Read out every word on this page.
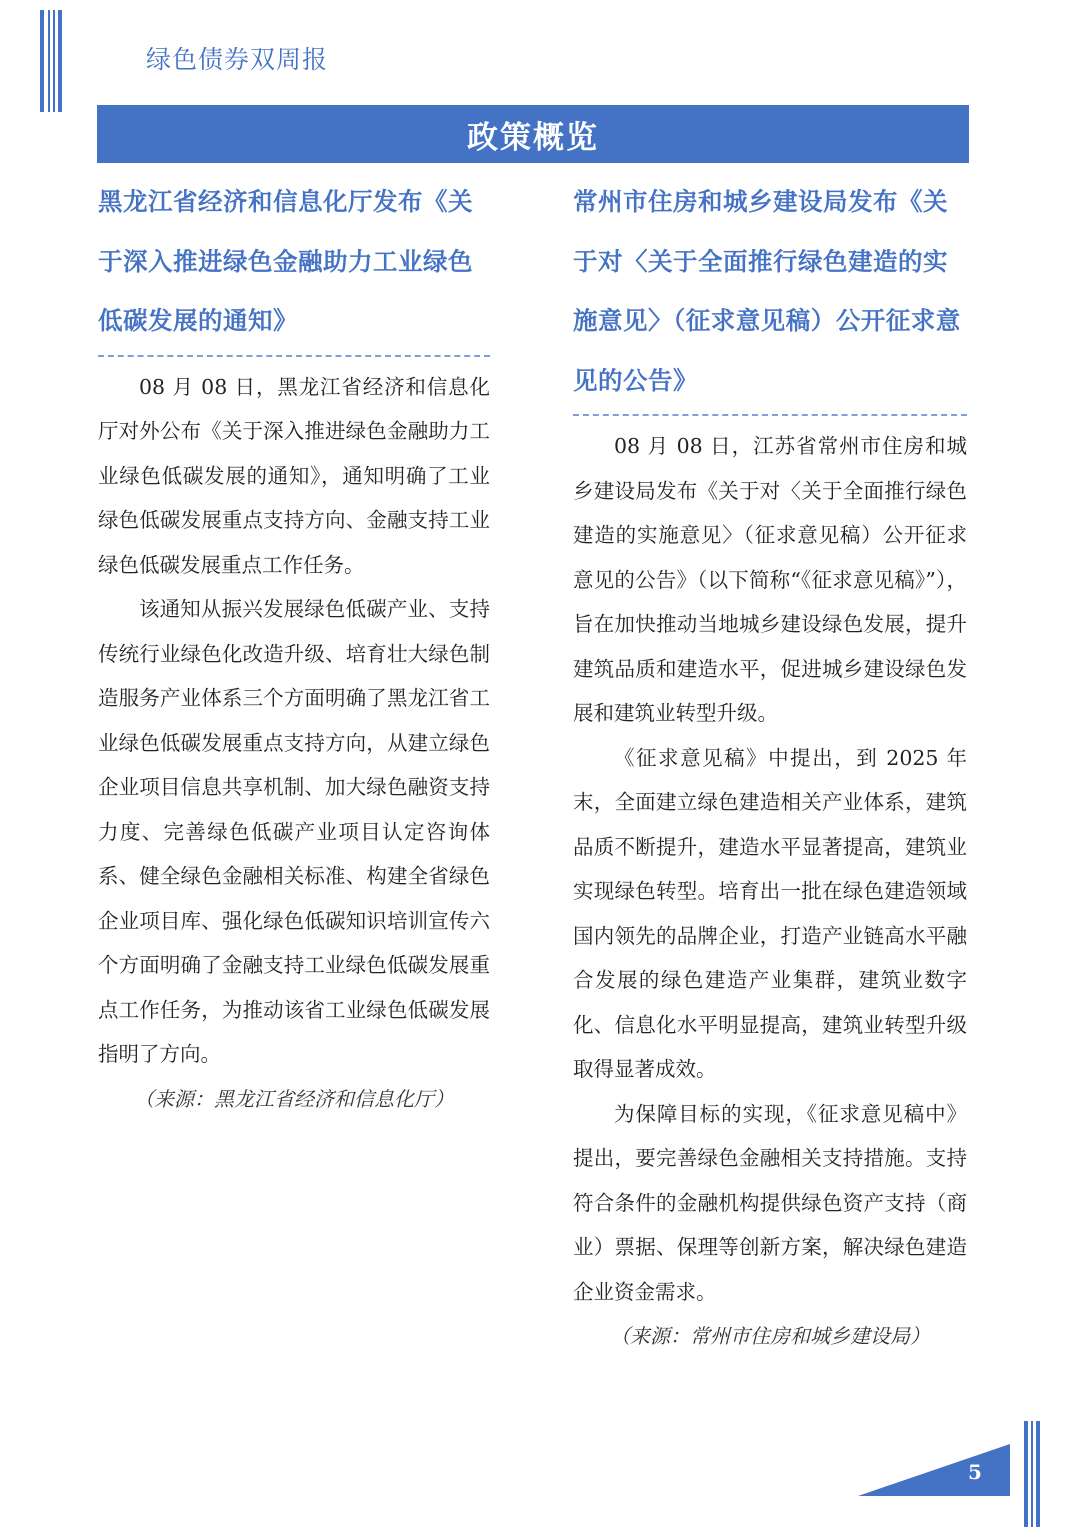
绿色债券双周报
政策概览
黑龙江省经济和信息化厅发布《关于深入推进绿色金融助力工业绿色低碳发展的通知》

08 月 08 日，黑龙江省经济和信息化厅对外公布《关于深入推进绿色金融助力工业绿色低碳发展的通知》，通知明确了工业绿色低碳发展重点支持方向、金融支持工业绿色低碳发展重点工作任务。

该通知从振兴发展绿色低碳产业、支持传统行业绿色化改造升级、培育壮大绿色制造服务产业体系三个方面明确了黑龙江省工业绿色低碳发展重点支持方向，从建立绿色企业项目信息共享机制、加大绿色融资支持力度、完善绿色低碳产业项目认定咨询体系、健全绿色金融相关标准、构建全省绿色企业项目库、强化绿色低碳知识培训宣传六个方面明确了金融支持工业绿色低碳发展重点工作任务，为推动该省工业绿色低碳发展指明了方向。

（来源：黑龙江省经济和信息化厅）

常州市住房和城乡建设局发布《关于对〈关于全面推行绿色建造的实施意见〉（征求意见稿）公开征求意见的公告》

08 月 08 日，江苏省常州市住房和城乡建设局发布《关于对〈关于全面推行绿色建造的实施意见〉（征求意见稿）公开征求意见的公告》（以下简称“《征求意见稿》”），旨在加快推动当地城乡建设绿色发展，提升建筑品质和建造水平，促进城乡建设绿色发展和建筑业转型升级。

《征求意见稿》中提出，到 2025 年末，全面建立绿色建造相关产业体系，建筑品质不断提升，建造水平显著提高，建筑业实现绿色转型。培育出一批在绿色建造领域国内领先的品牌企业，打造产业链高水平融合发展的绿色建造产业集群，建筑业数字化、信息化水平明显提高，建筑业转型升级取得显著成效。

为保障目标的实现，《征求意见稿中》提出，要完善绿色金融相关支持措施。支持符合条件的金融机构提供绿色资产支持（商业）票据、保理等创新方案，解决绿色建造企业资金需求。

（来源：常州市住房和城乡建设局）

5
